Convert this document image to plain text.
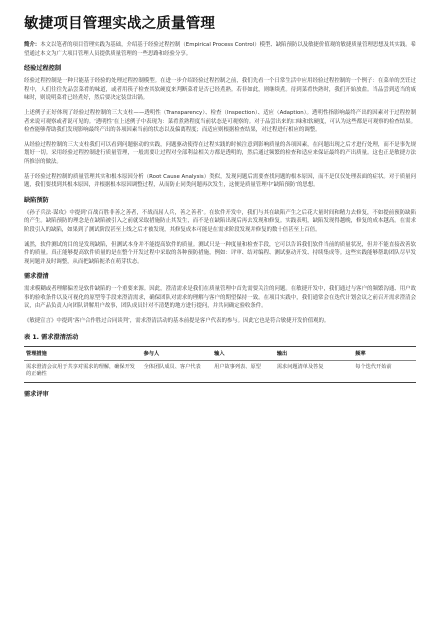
敏捷项目管理实战之质量管理

简介：本文以笔者的项目管理实践为基础，介绍基于经验过程控制（Empirical Process Control）模型、缺陷预防以及敏捷价值观的敏捷质量管理思想及其实践。希望通过本文为广大项目管理人员提供质量管理的一些思路和经验分享。

经验过程控制

经验过程控制是一种只能基于经验的处理过程控制模型。在进一步介绍经验过程控制之前，我们先看一个日常生活中应用经验过程控制的一个例子：在菜单的烹饪过程中，人们往往先品尝菜肴的味道，或者用筷子检查其软硬度来判断菜肴是否已经煮熟。若非如此，则继续煮。待到菜肴快熟时，我们开始放盐。当品尝到适当的咸味时，则说明菜肴已经煮好，然后要决定装盘出锅。

上述例子正好体现了经验过程控制的三大支柱——透明性（Transparency）、检查（Inspection）、适应（Adaption）。透明性指影响最终产出的因素对于过程控制者来说可观察或者说可见的。‘透明性’在上述例子中表现为：菜肴煮熟程度当前状态是可观察的。对于品尝出来的口味和软硬度，可认为这些都是可观察的检查结果。检查能够帮助我们发现影响最终产出的各项因素当前的状态以及偏离程度；而适应则根据检查结果，对过程进行相应的调整。

从经验过程控制的三大支柱我们可以看到问题驱动的实践，问题驱动使得在过程实践的时候注意到影响质量的各项因素，在问题出现之后才进行处理，而不是事先规划好一切。采用经验过程控制进行质量管理，一般需要让过程对全部利益相关方都是透明的，然后通过频繁的检查和适应来保证最终的产出质量。这也正是敏捷方法所推崇的做法。

基于经验过程控制的质量管理其实和根本原因分析（Root Cause Analysis）类似，发现问题后需要查找问题的根本原因，而不是仅仅处理表面的症状。对于质量问题，我们要找到其根本原因，并根据根本原因调整过程，从而防止同类问题再次发生，这便是质量管理中‘缺陷预防’的思想。

缺陷预防

《孙子兵法·谋攻》中提到‘百战百胜非善之善者，不战而屈人兵，善之善者’。在软件开发中，我们与其在缺陷产生之后花大量时间和精力去修复，不如提前预防缺陷的产生。缺陷预防的理念是在缺陷被引入之前就采取措施防止其发生，而不是在缺陷出现后再去发现和修复。实践表明，缺陷发现得越晚，修复的成本越高。在需求阶段引入的缺陷，如果到了测试阶段甚至上线之后才被发现，其修复成本可能是在需求阶段发现并修复的数十倍甚至上百倍。

诚然，软件测试的目的是发现缺陷，但测试本身并不能提高软件的质量。测试只是一种度量和检查手段，它可以告诉我们软件当前的质量状况，但并不能直接改善软件的质量。真正能够提高软件质量的是在整个开发过程中采取的各种预防措施，例如：评审、结对编程、测试驱动开发、持续集成等。这些实践能够帮助团队尽早发现问题并及时调整，从而把缺陷扼杀在萌芽状态。

需求澄清

需求模糊或者理解偏差是软件缺陷的一个重要来源。因此，澄清需求是我们在质量管理中首先需要关注的问题。在敏捷开发中，我们通过与客户的频繁沟通、用户故事的验收条件以及可视化的原型等手段来澄清需求，确保团队对需求的理解与客户的期望保持一致。在项目实践中，我们通常会在迭代计划会议之前召开需求澄清会议，由产品负责人向团队讲解用户故事，团队成员针对不清楚的地方进行提问，并共同确定验收条件。

《敏捷宣言》中提到‘客户合作胜过合同谈判’，需求澄清活动的基本前提是客户代表的参与。因此它也是符合敏捷开发价值观的。

表 1. 需求澄清活动
管理措施	参与人	输入	输出	频率
需求澄清会议用于共享对需求的理解，确保开发的正确性	全体团队成员、客户代表	用户故事列表、原型	需求问题清单及答复	每个迭代开始前
需求评审
